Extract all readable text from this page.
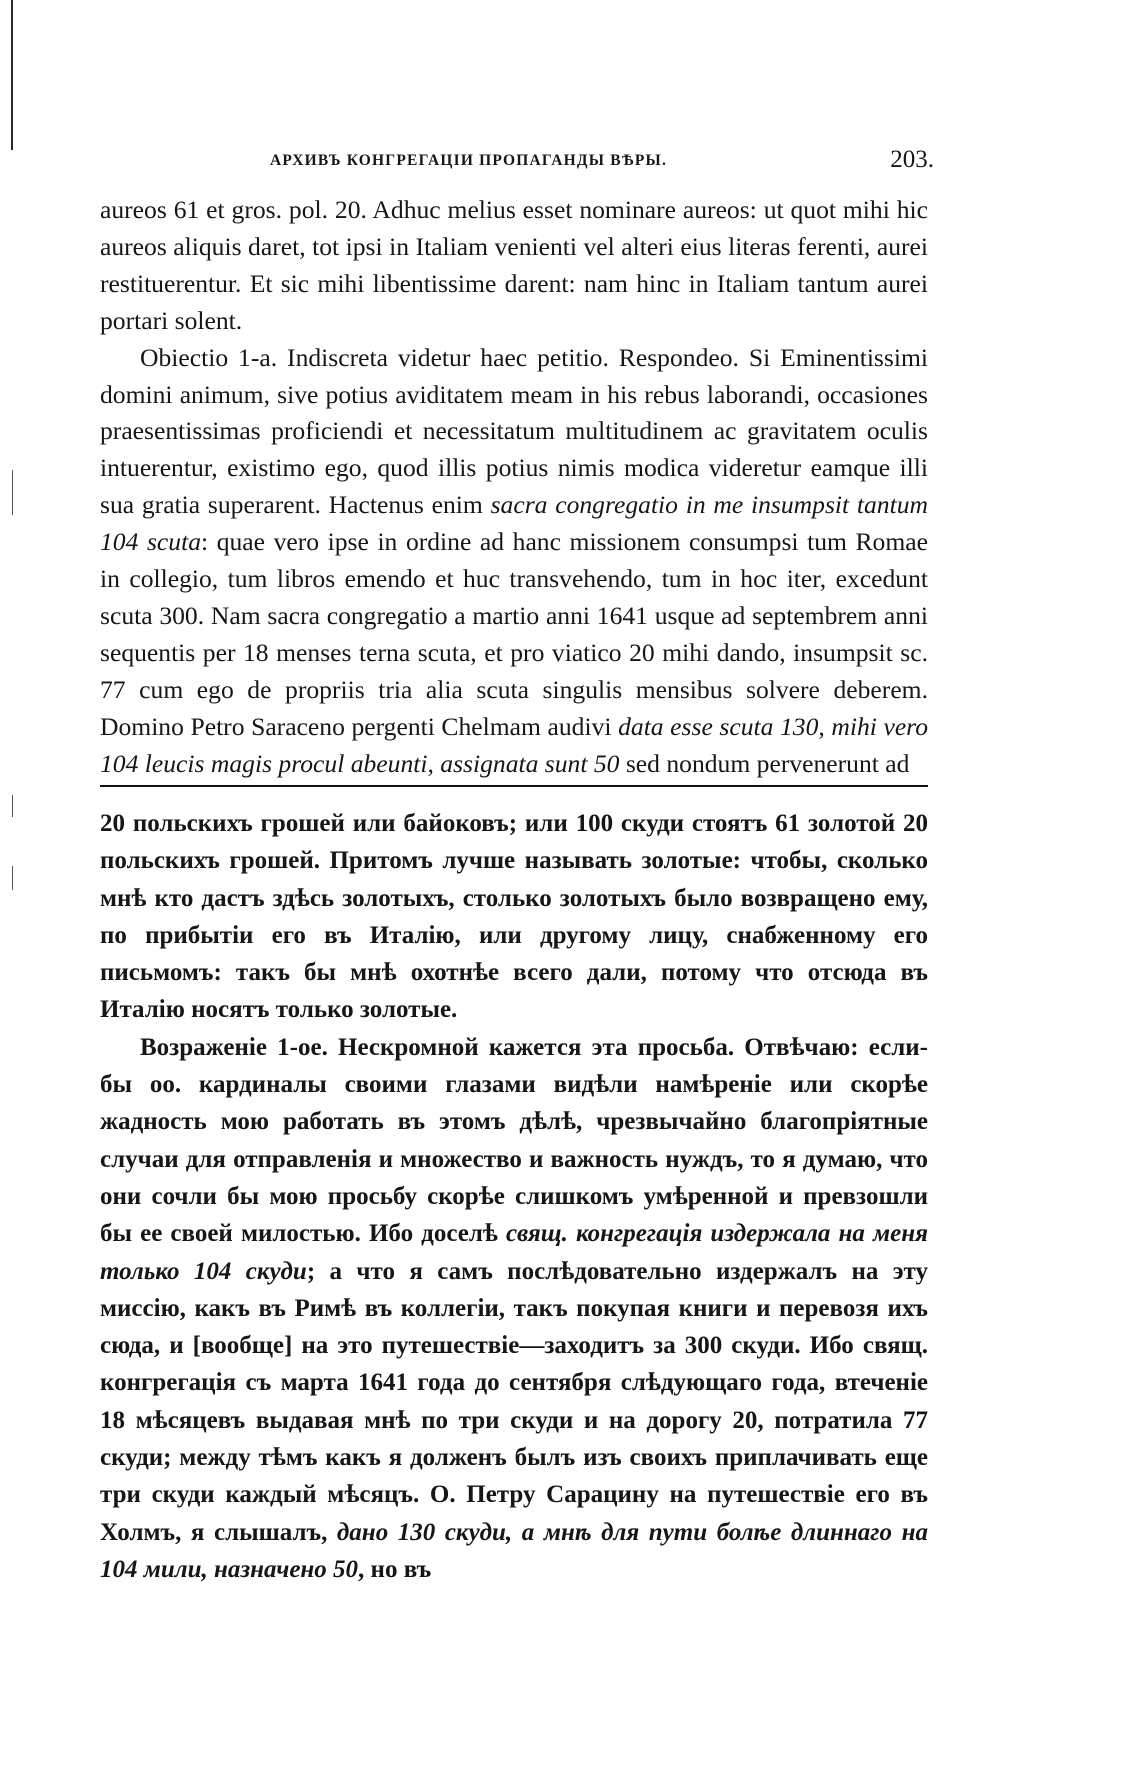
АРХИВЪ КОНГРЕГАЦІИ ПРОПАГАНДЫ ВѢРЫ.	203.

aureos 61 et gros. pol. 20. Adhuc melius esset nominare aureos: ut quot mihi hic aureos aliquis daret, tot ipsi in Italiam venienti vel alteri eius literas ferenti, aurei restituerentur. Et sic mihi libentissime darent: nam hinc in Italiam tantum aurei portari solent.

Obiectio 1-a. Indiscreta videtur haec petitio. Respondeo. Si Eminentissimi domini animum, sive potius aviditatem meam in his rebus laborandi, occasiones praesentissimas proficiendi et necessitatum multitudinem ac gravitatem oculis intuerentur, existimo ego, quod illis potius nimis modica videretur eamque illi sua gratia superarent. Hactenus enim sacra congregatio in me insumpsit tantum 104 scuta: quae vero ipse in ordine ad hanc missionem consumpsi tum Romae in collegio, tum libros emendo et huc transvehendo, tum in hoc iter, excedunt scuta 300. Nam sacra congregatio a martio anni 1641 usque ad septembrem anni sequentis per 18 menses terna scuta, et pro viatico 20 mihi dando, insumpsit sc. 77 cum ego de propriis tria alia scuta singulis mensibus solvere deberem. Domino Petro Saraceno pergenti Chelmam audivi data esse scuta 130, mihi vero 104 leucis magis procul abeunti, assignata sunt 50 sed nondum pervenerunt ad

20 польскихъ грошей или байоковъ; или 100 скуди стоятъ 61 золотой 20 польскихъ грошей. Притомъ лучше называть золотые: чтобы, сколько мнѣ кто дастъ здѣсь золотыхъ, столько золотыхъ было возвращено ему, по прибытіи его въ Италію, или другому лицу, снабженному его письмомъ: такъ бы мнѣ охотнѣе всего дали, потому что отсюда въ Италію носятъ только золотые.

Возраженіе 1-ое. Нескромной кажется эта просьба. Отвѣчаю: если-бы оо. кардиналы своими глазами видѣли намѣреніе или скорѣе жадность мою работать въ этомъ дѣлѣ, чрезвычайно благопріятные случаи для отправленія и множество и важность нуждъ, то я думаю, что они сочли бы мою просьбу скорѣе слишкомъ умѣренной и превзошли бы ее своей милостью. Ибо доселѣ свящ. конгрегація издержала на меня только 104 скуди; а что я самъ послѣдовательно издержалъ на эту миссію, какъ въ Римѣ въ коллегіи, такъ покупая книги и перевозя ихъ сюда, и [вообще] на это путешествіе—заходитъ за 300 скуди. Ибо свящ. конгрегація съ марта 1641 года до сентября слѣдующаго года, втеченіе 18 мѣсяцевъ выдавая мнѣ по три скуди и на дорогу 20, потратила 77 скуди; между тѣмъ какъ я долженъ былъ изъ своихъ приплачивать еще три скуди каждый мѣсяцъ. О. Петру Сарацину на путешествіе его въ Холмъ, я слышалъ, дано 130 скуди, а мнѣ для пути болѣе длиннаго на 104 мили, назначено 50, но въ
